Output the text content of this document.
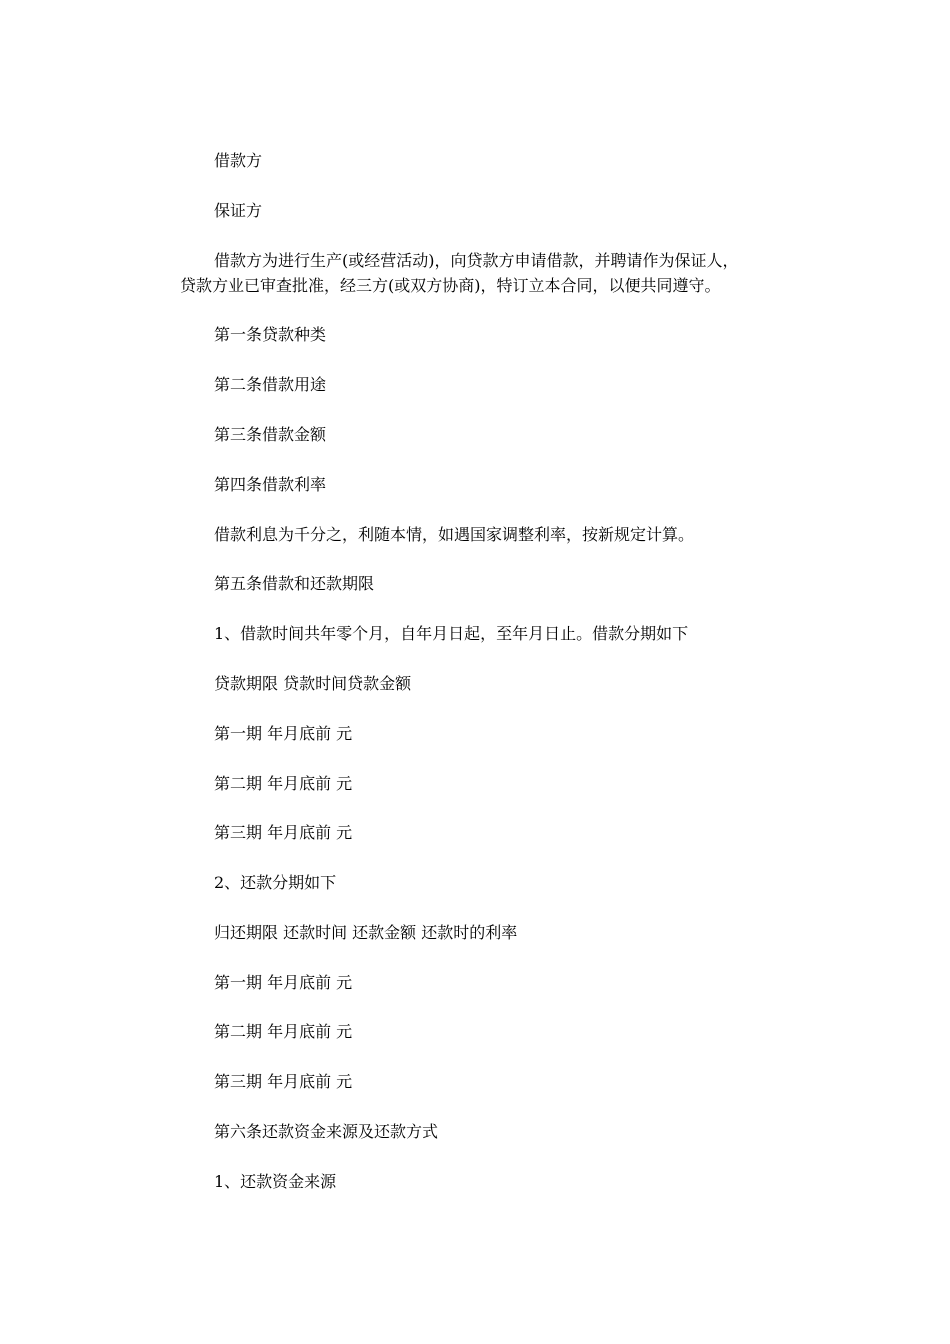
借款方
保证方
借款方为进行生产(或经营活动)，向贷款方申请借款，并聘请作为保证人，
贷款方业已审查批准，经三方(或双方协商)，特订立本合同，以便共同遵守。
第一条贷款种类
第二条借款用途
第三条借款金额
第四条借款利率
借款利息为千分之，利随本情，如遇国家调整利率，按新规定计算。
第五条借款和还款期限
1、借款时间共年零个月，自年月日起，至年月日止。借款分期如下
贷款期限 贷款时间贷款金额
第一期 年月底前 元
第二期 年月底前 元
第三期 年月底前 元
2、还款分期如下
归还期限 还款时间 还款金额 还款时的利率
第一期 年月底前 元
第二期 年月底前 元
第三期 年月底前 元
第六条还款资金来源及还款方式
1、还款资金来源
